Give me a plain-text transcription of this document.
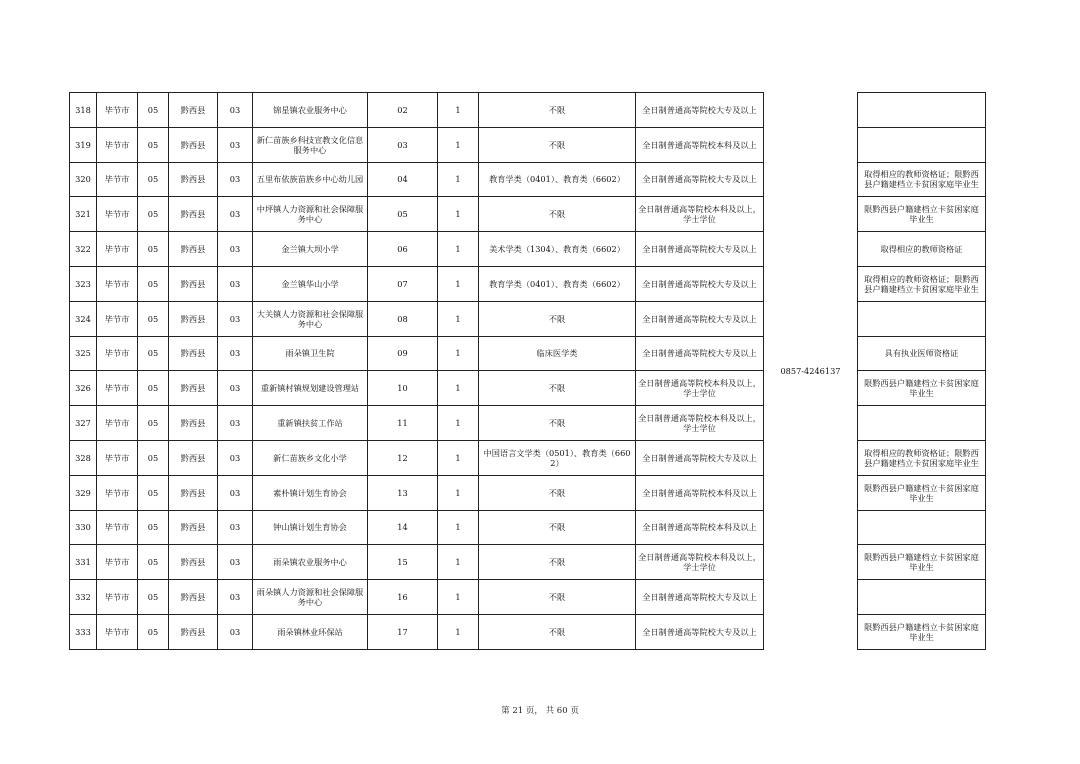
318	毕节市	05	黔西县	03	锦星镇农业服务中心	02	1	不限	全日制普通高等院校大专及以上	0857-4246137	
319	毕节市	05	黔西县	03	新仁苗族乡科技宣教文化信息服务中心	03	1	不限	全日制普通高等院校本科及以上		
320	毕节市	05	黔西县	03	五里布依族苗族乡中心幼儿园	04	1	教育学类（0401）、教育类（6602）	全日制普通高等院校大专及以上		取得相应的教师资格证；限黔西县户籍建档立卡贫困家庭毕业生
321	毕节市	05	黔西县	03	中坪镇人力资源和社会保障服务中心	05	1	不限	全日制普通高等院校本科及以上，学士学位		限黔西县户籍建档立卡贫困家庭毕业生
322	毕节市	05	黔西县	03	金兰镇大坝小学	06	1	美术学类（1304）、教育类（6602）	全日制普通高等院校大专及以上		取得相应的教师资格证
323	毕节市	05	黔西县	03	金兰镇华山小学	07	1	教育学类（0401）、教育类（6602）	全日制普通高等院校大专及以上		取得相应的教师资格证；限黔西县户籍建档立卡贫困家庭毕业生
324	毕节市	05	黔西县	03	大关镇人力资源和社会保障服务中心	08	1	不限	全日制普通高等院校大专及以上		
325	毕节市	05	黔西县	03	雨朵镇卫生院	09	1	临床医学类	全日制普通高等院校大专及以上		具有执业医师资格证
326	毕节市	05	黔西县	03	重新镇村镇规划建设管理站	10	1	不限	全日制普通高等院校本科及以上，学士学位		限黔西县户籍建档立卡贫困家庭毕业生
327	毕节市	05	黔西县	03	重新镇扶贫工作站	11	1	不限	全日制普通高等院校本科及以上，学士学位		
328	毕节市	05	黔西县	03	新仁苗族乡文化小学	12	1	中国语言文学类（0501）、教育类（6602）	全日制普通高等院校大专及以上		取得相应的教师资格证；限黔西县户籍建档立卡贫困家庭毕业生
329	毕节市	05	黔西县	03	素朴镇计划生育协会	13	1	不限	全日制普通高等院校本科及以上		限黔西县户籍建档立卡贫困家庭毕业生
330	毕节市	05	黔西县	03	钟山镇计划生育协会	14	1	不限	全日制普通高等院校本科及以上		
331	毕节市	05	黔西县	03	雨朵镇农业服务中心	15	1	不限	全日制普通高等院校本科及以上，学士学位		限黔西县户籍建档立卡贫困家庭毕业生
332	毕节市	05	黔西县	03	雨朵镇人力资源和社会保障服务中心	16	1	不限	全日制普通高等院校大专及以上		
333	毕节市	05	黔西县	03	雨朵镇林业环保站	17	1	不限	全日制普通高等院校大专及以上		限黔西县户籍建档立卡贫困家庭毕业生
第 21 页， 共 60 页
